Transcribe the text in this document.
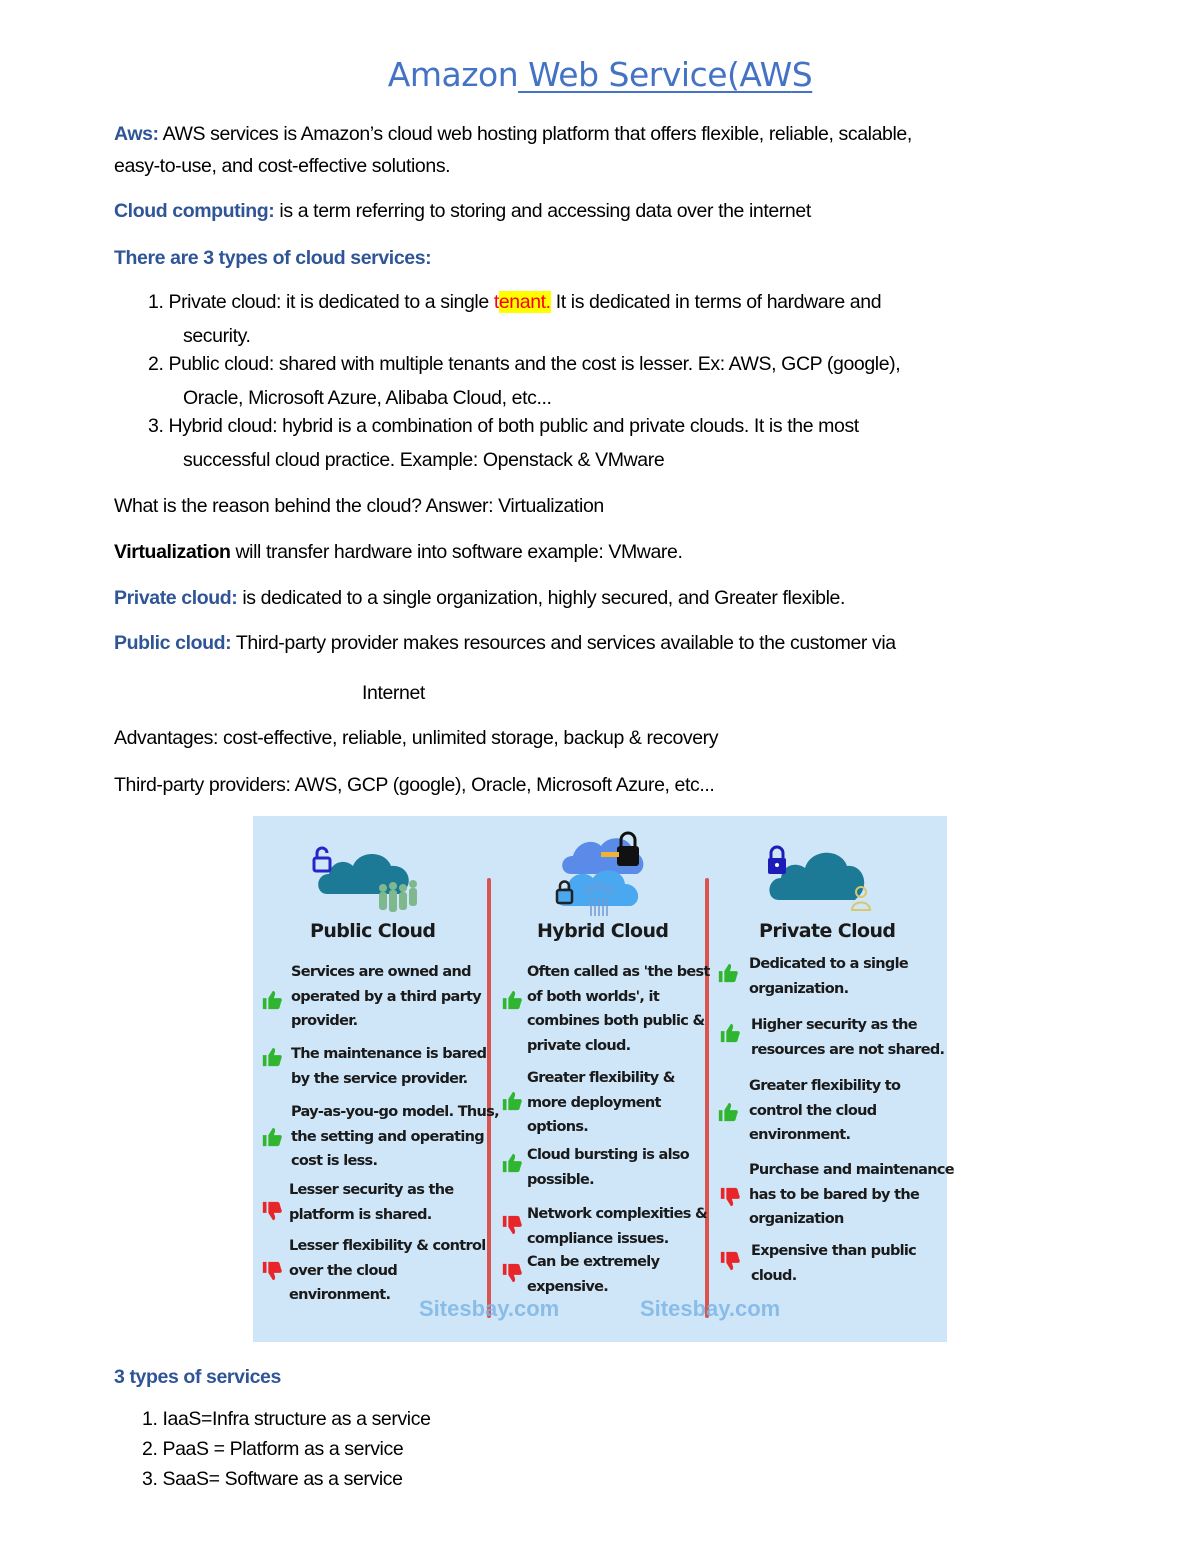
Amazon Web Service(AWS
Aws: AWS services is Amazon’s cloud web hosting platform that offers flexible, reliable, scalable,
easy-to-use, and cost-effective solutions.
Cloud computing: is a term referring to storing and accessing data over the internet
There are 3 types of cloud services:
1. Private cloud: it is dedicated to a single tenant. It is dedicated in terms of hardware and
security.
2. Public cloud: shared with multiple tenants and the cost is lesser. Ex: AWS, GCP (google),
Oracle, Microsoft Azure, Alibaba Cloud, etc...
3. Hybrid cloud: hybrid is a combination of both public and private clouds. It is the most
successful cloud practice. Example: Openstack & VMware
What is the reason behind the cloud? Answer: Virtualization
Virtualization will transfer hardware into software example: VMware.
Private cloud: is dedicated to a single organization, highly secured, and Greater flexible.
Public cloud: Third-party provider makes resources and services available to the customer via
Internet
Advantages: cost-effective, reliable, unlimited storage, backup & recovery
Third-party providers: AWS, GCP (google), Oracle, Microsoft Azure, etc...
Public Cloud
Services are owned and
operated by a third party
provider.
The maintenance is bared
by the service provider.
Pay-as-you-go model. Thus,
the setting and operating
cost is less.
Lesser security as the
platform is shared.
Lesser flexibility & control
over the cloud
environment.
Hybrid Cloud
Often called as 'the best
of both worlds', it
combines both public &
private cloud.
Greater flexibility &
more deployment
options.
Cloud bursting is also
possible.
Network complexities &
compliance issues.
Can be extremely
expensive.
Private Cloud
Dedicated to a single
organization.
Higher security as the
resources are not shared.
Greater flexibility to
control the cloud
environment.
Purchase and maintenance
has to be bared by the
organization
Expensive than public
cloud.
Sitesbay.com	Sitesbay.com
3 types of services
1. IaaS=Infra structure as a service
2. PaaS = Platform as a service
3. SaaS= Software as a service
